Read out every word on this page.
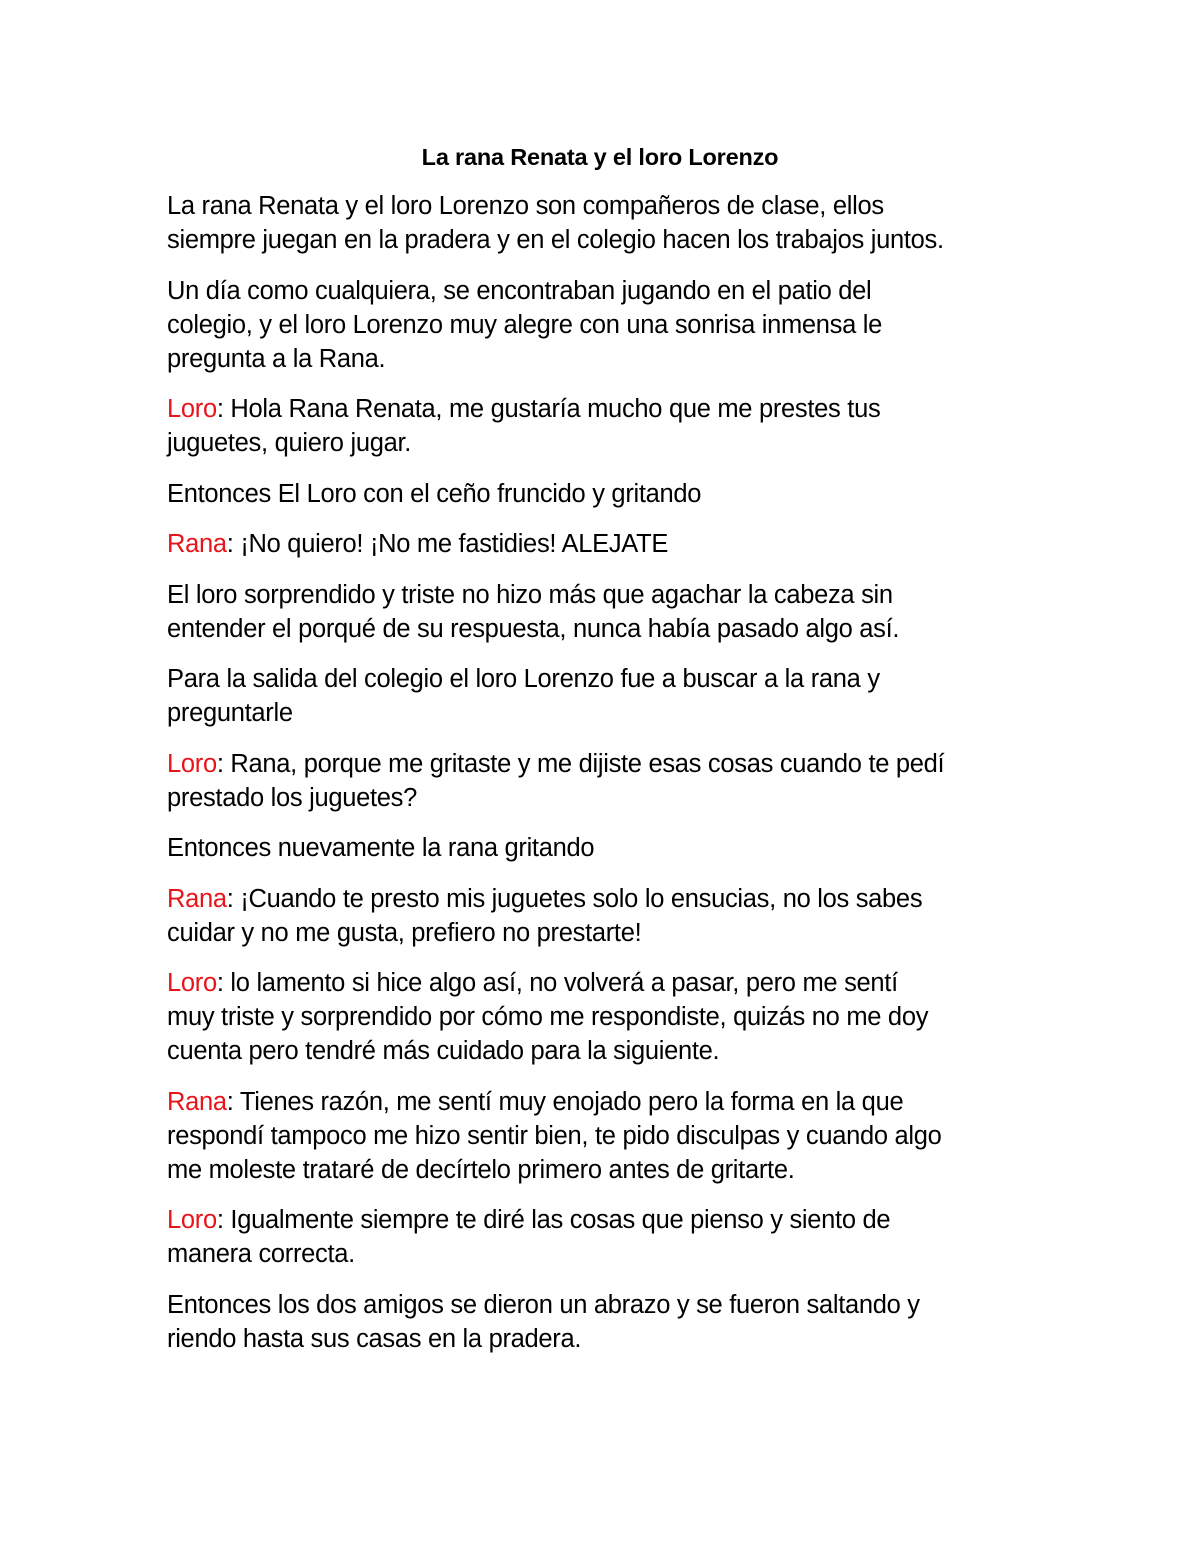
La rana Renata y el loro Lorenzo

La rana Renata y el loro Lorenzo son compañeros de clase, ellos
siempre juegan en la pradera y en el colegio hacen los trabajos juntos.

Un día como cualquiera, se encontraban jugando en el patio del
colegio, y el loro Lorenzo muy alegre con una sonrisa inmensa le
pregunta a la Rana.

Loro: Hola Rana Renata, me gustaría mucho que me prestes tus
juguetes, quiero jugar.

Entonces El Loro con el ceño fruncido y gritando

Rana: ¡No quiero! ¡No me fastidies! ALEJATE

El loro sorprendido y triste no hizo más que agachar la cabeza sin
entender el porqué de su respuesta, nunca había pasado algo así.

Para la salida del colegio el loro Lorenzo fue a buscar a la rana y
preguntarle

Loro: Rana, porque me gritaste y me dijiste esas cosas cuando te pedí
prestado los juguetes?

Entonces nuevamente la rana gritando

Rana: ¡Cuando te presto mis juguetes solo lo ensucias, no los sabes
cuidar y no me gusta, prefiero no prestarte!

Loro: lo lamento si hice algo así, no volverá a pasar, pero me sentí
muy triste y sorprendido por cómo me respondiste, quizás no me doy
cuenta pero tendré más cuidado para la siguiente.

Rana: Tienes razón, me sentí muy enojado pero la forma en la que
respondí tampoco me hizo sentir bien, te pido disculpas y cuando algo
me moleste trataré de decírtelo primero antes de gritarte.

Loro: Igualmente siempre te diré las cosas que pienso y siento de
manera correcta.

Entonces los dos amigos se dieron un abrazo y se fueron saltando y
riendo hasta sus casas en la pradera.
